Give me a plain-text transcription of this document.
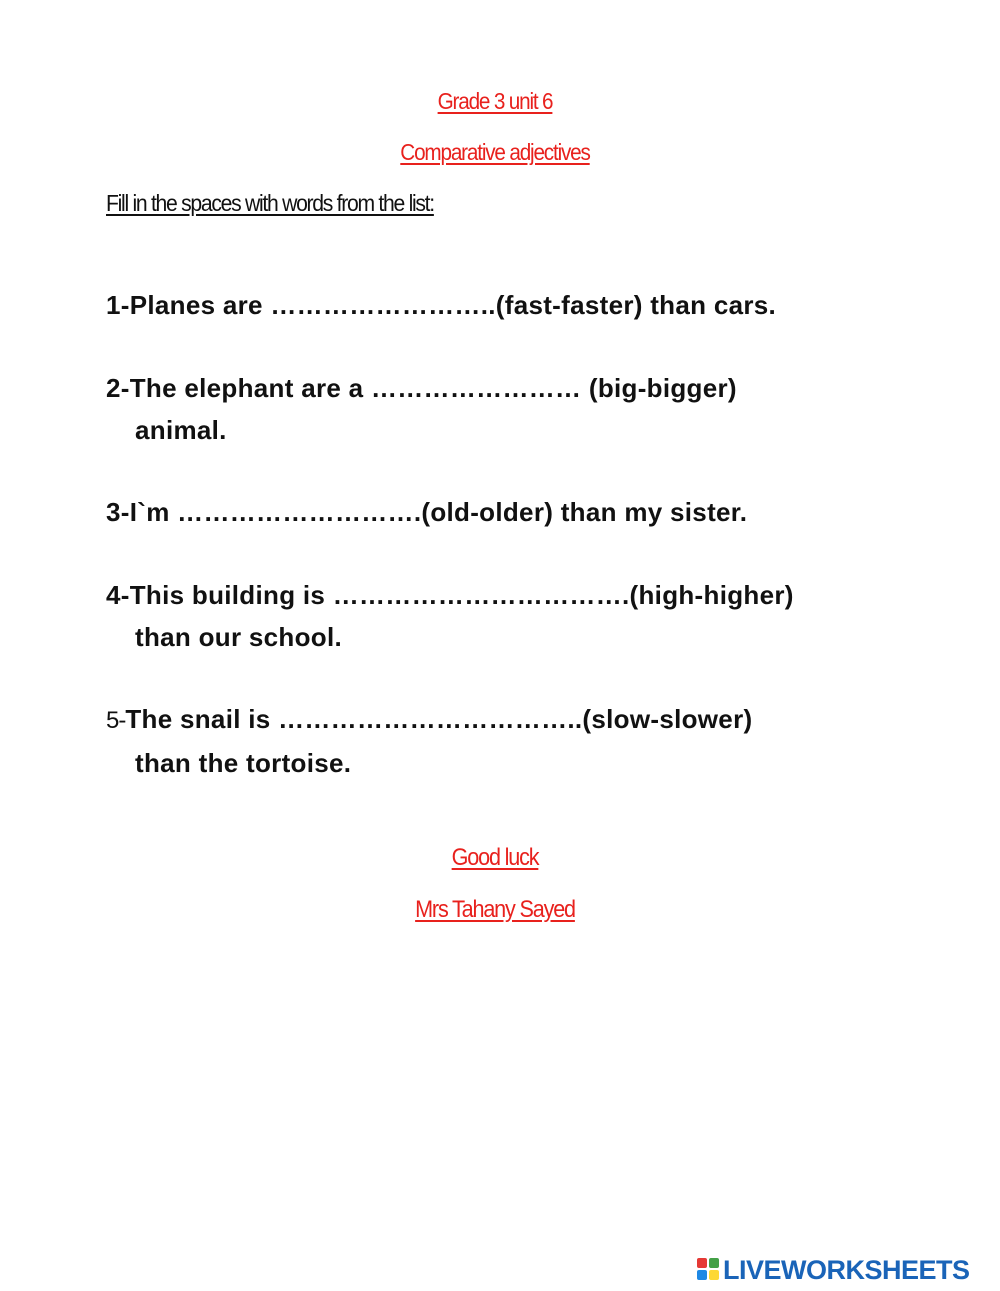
Grade 3 unit 6
Comparative adjectives
Fill in the spaces with words from the list:
1-Planes are ……………………..(fast-faster) than cars.
2-The elephant are a …………………… (big-bigger)
animal.
3-I`m ……………………….(old-older) than my sister.
4-This building is …………………………….(high-higher)
than our school.
5-The snail is ……………………………..(slow-slower)
than the tortoise.
Good luck
Mrs Tahany Sayed
LIVEWORKSHEETS
